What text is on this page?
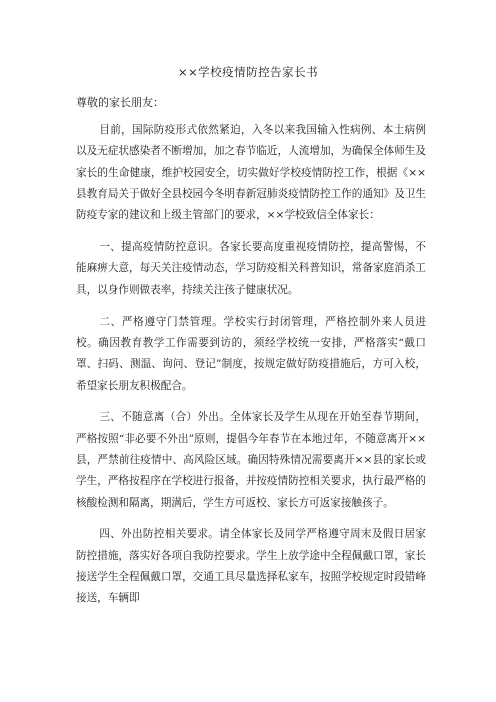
××学校疫情防控告家长书
尊敬的家长朋友：

目前，国际防疫形式依然紧迫，入冬以来我国输入性病例、本土病例以及无症状感染者不断增加，加之春节临近，人流增加，为确保全体师生及家长的生命健康，维护校园安全，切实做好学校疫情防控工作，根据《××县教育局关于做好全县校园今冬明春新冠肺炎疫情防控工作的通知》及卫生防疫专家的建议和上级主管部门的要求，××学校致信全体家长：

一、提高疫情防控意识。各家长要高度重视疫情防控，提高警惕，不能麻痹大意，每天关注疫情动态，学习防疫相关科普知识，常备家庭消杀工具，以身作则做表率，持续关注孩子健康状况。

二、严格遵守门禁管理。学校实行封闭管理，严格控制外来人员进校。确因教育教学工作需要到访的，须经学校统一安排，严格落实“戴口罩、扫码、测温、询问、登记”制度，按规定做好防疫措施后，方可入校，希望家长朋友积极配合。

三、不随意离（合）外出。全体家长及学生从现在开始至春节期间，严格按照“非必要不外出”原则，提倡今年春节在本地过年，不随意离开××县，严禁前往疫情中、高风险区域。确因特殊情况需要离开××县的家长或学生，严格按程序在学校进行报备，并按疫情防控相关要求，执行最严格的核酸检测和隔离，期满后，学生方可返校、家长方可返家接触孩子。

四、外出防控相关要求。请全体家长及同学严格遵守周末及假日居家防控措施，落实好各项自我防控要求。学生上放学途中全程佩戴口罩，家长接送学生全程佩戴口罩，交通工具尽量选择私家车，按照学校规定时段错峰接送，车辆即
